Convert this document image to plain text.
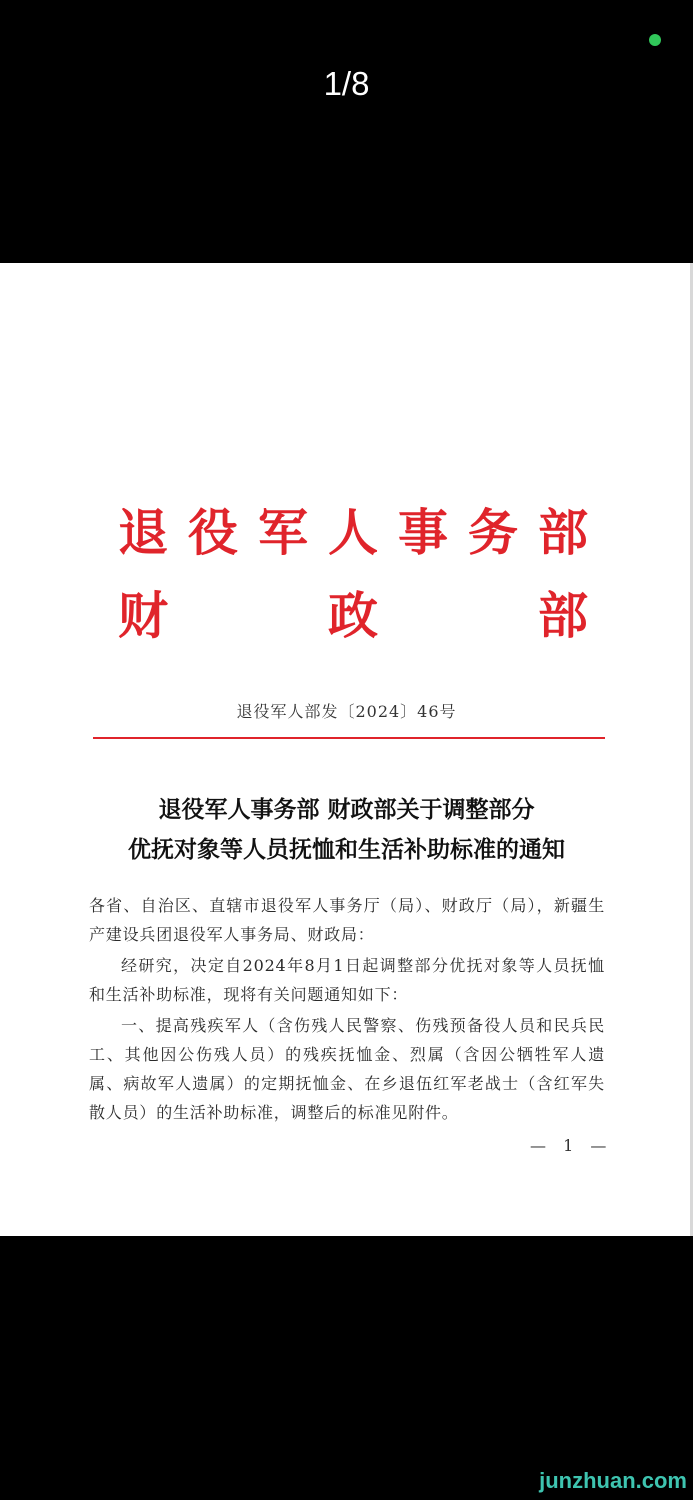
1/8
退役军人事务部
财	政	部
退役军人部发〔2024〕46号
退役军人事务部 财政部关于调整部分
优抚对象等人员抚恤和生活补助标准的通知
各省、自治区、直辖市退役军人事务厅（局）、财政厅（局），新疆生产建设兵团退役军人事务局、财政局：
经研究，决定自2024年8月1日起调整部分优抚对象等人员抚恤和生活补助标准，现将有关问题通知如下：
一、提高残疾军人（含伤残人民警察、伤残预备役人员和民兵民工、其他因公伤残人员）的残疾抚恤金、烈属（含因公牺牲军人遗属、病故军人遗属）的定期抚恤金、在乡退伍红军老战士（含红军失散人员）的生活补助标准，调整后的标准见附件。
— 1 —
junzhuan.com
